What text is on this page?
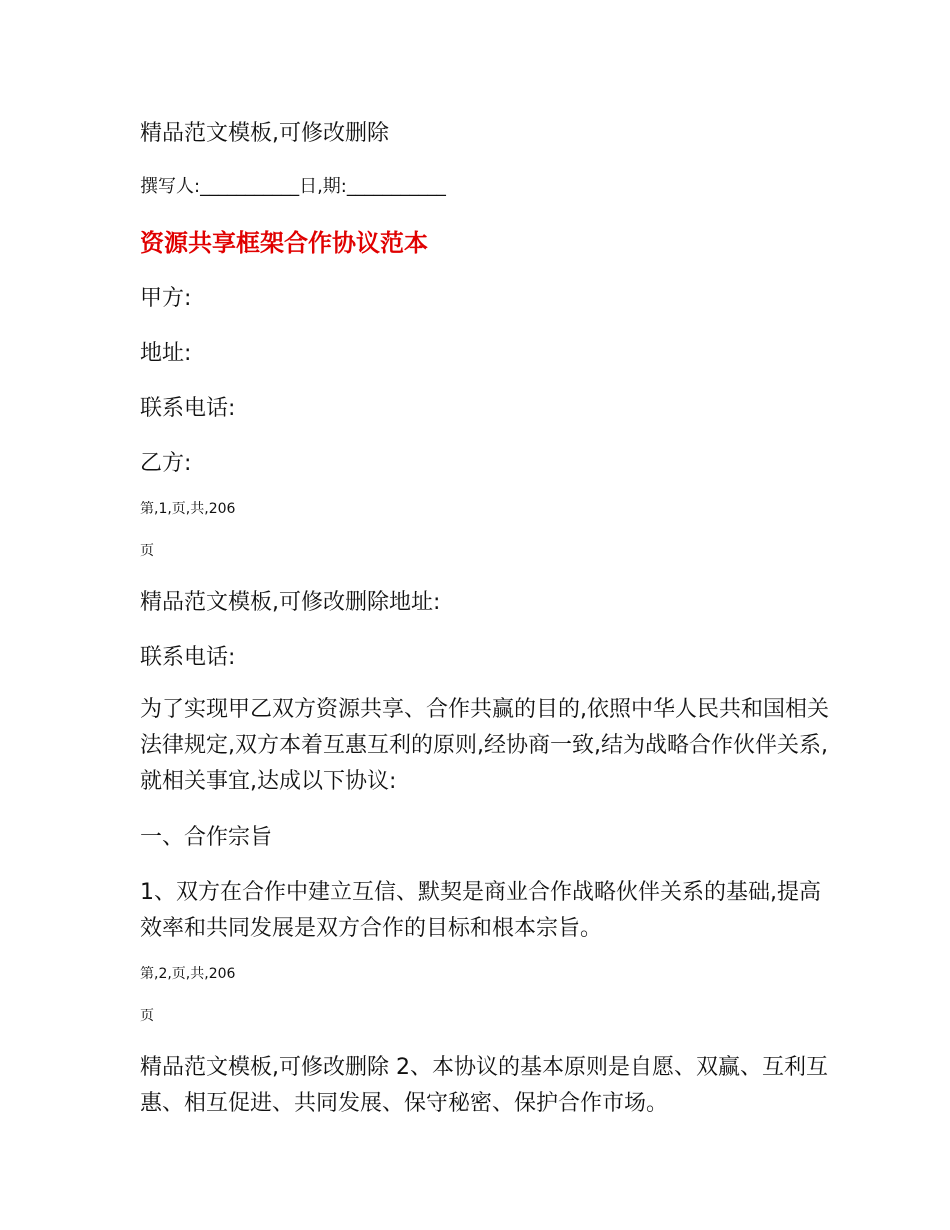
精品范文模板,可修改删除

撰写人:___________日,期:___________

资源共享框架合作协议范本

甲方:

地址:

联系电话:

乙方:

第,1,页,共,206

页

精品范文模板,可修改删除地址:

联系电话:

为了实现甲乙双方资源共享、合作共赢的目的,依照中华人民共和国相关法律规定,双方本着互惠互利的原则,经协商一致,结为战略合作伙伴关系,就相关事宜,达成以下协议:

一、合作宗旨

1、双方在合作中建立互信、默契是商业合作战略伙伴关系的基础,提高效率和共同发展是双方合作的目标和根本宗旨。

第,2,页,共,206

页

精品范文模板,可修改删除 2、本协议的基本原则是自愿、双赢、互利互惠、相互促进、共同发展、保守秘密、保护合作市场。
